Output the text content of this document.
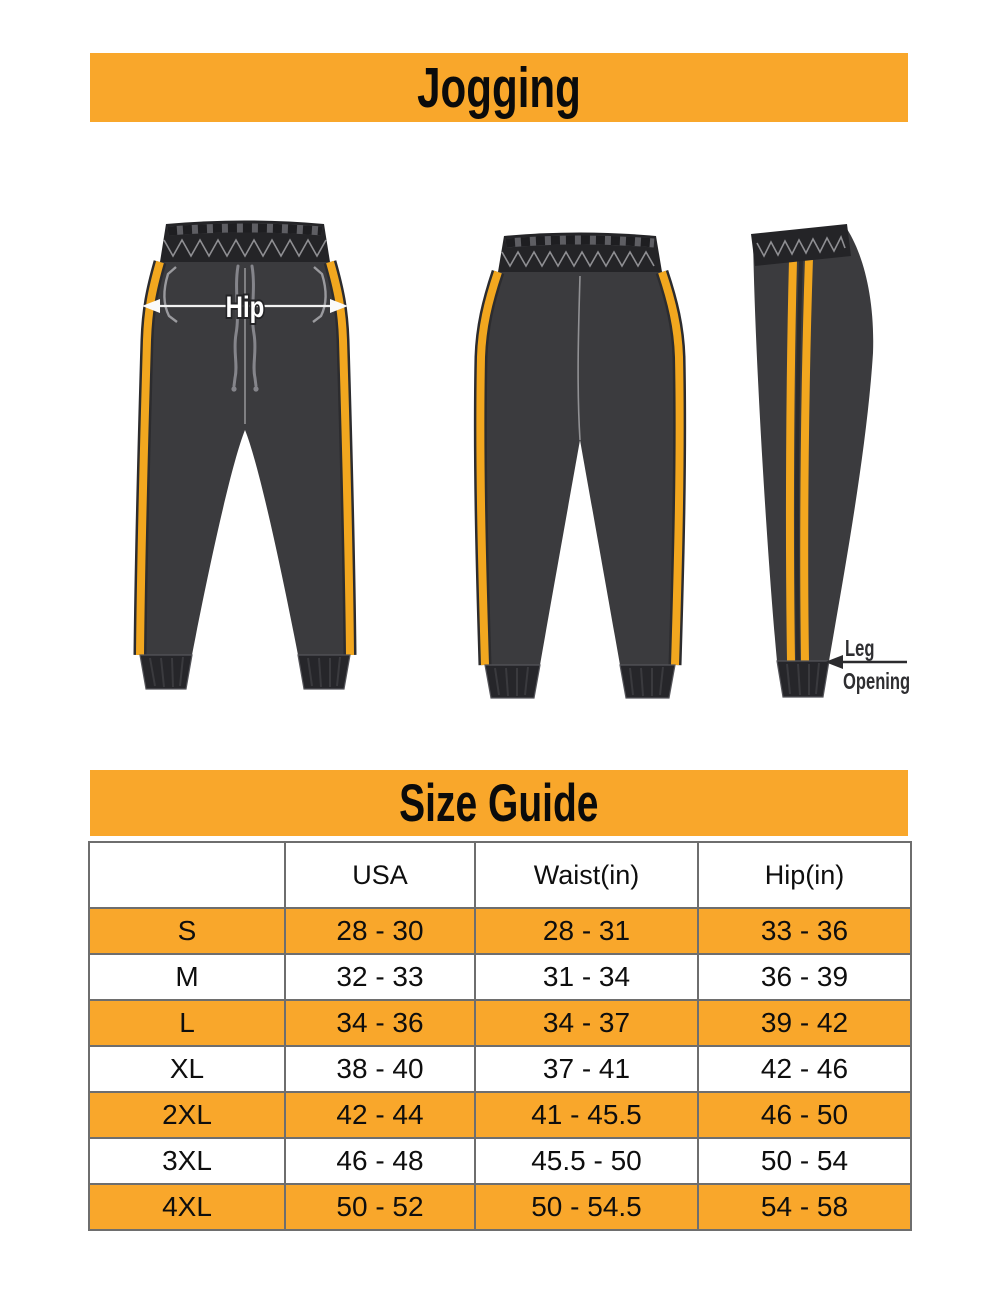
Jogging
Hip
Leg
Opening
Size Guide
	USA	Waist(in)	Hip(in)
S	28 - 30	28 - 31	33 - 36
M	32 - 33	31 - 34	36 - 39
L	34 - 36	34 - 37	39 - 42
XL	38 - 40	37 - 41	42 - 46
2XL	42 - 44	41 - 45.5	46 - 50
3XL	46 - 48	45.5 - 50	50 - 54
4XL	50 - 52	50 - 54.5	54 - 58
